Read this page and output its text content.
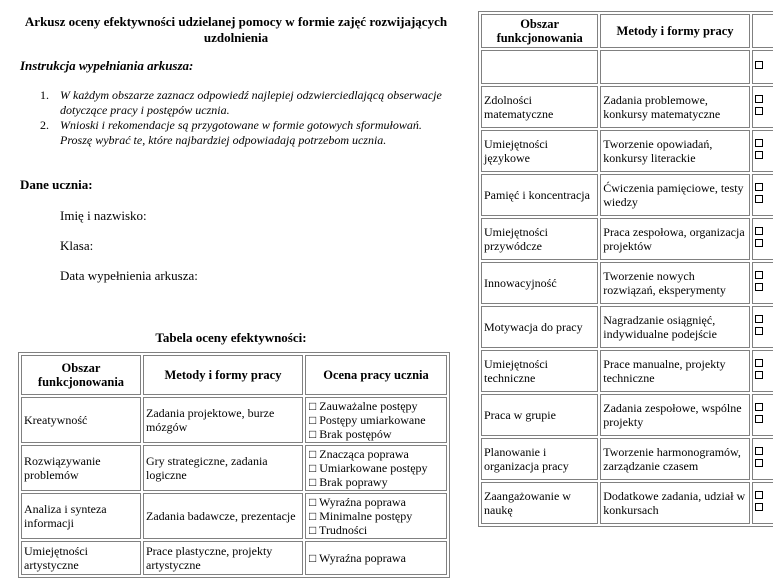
Arkusz oceny efektywności udzielanej pomocy w formie zajęć rozwijających uzdolnienia
Instrukcja wypełniania arkusza:
1. W każdym obszarze zaznacz odpowiedź najlepiej odzwierciedlającą obserwacje dotyczące pracy i postępów ucznia.
2. Wnioski i rekomendacje są przygotowane w formie gotowych sformułowań. Proszę wybrać te, które najbardziej odpowiadają potrzebom ucznia.
Dane ucznia:
Imię i nazwisko:
Klasa:
Data wypełnienia arkusza:
Tabela oceny efektywności:
Obszar funkcjonowania	Metody i formy pracy	Ocena pracy ucznia
Kreatywność	Zadania projektowe, burze mózgów	□ Zauważalne postępy
□ Postępy umiarkowane
□ Brak postępów

Rozwiązywanie problemów	Gry strategiczne, zadania logiczne	□ Znacząca poprawa
□ Umiarkowane postępy
□ Brak poprawy

Analiza i synteza informacji	Zadania badawcze, prezentacje	□ Wyraźna poprawa
□ Minimalne postępy
□ Trudności

Umiejętności artystyczne	Prace plastyczne, projekty artystyczne	□ Wyraźna poprawa
Obszar funkcjonowania	Metody i formy pracy	

Zdolności matematyczne	Zadania problemowe, konkursy matematyczne	

Umiejętności językowe	Tworzenie opowiadań, konkursy literackie	

Pamięć i koncentracja	Ćwiczenia pamięciowe, testy wiedzy	

Umiejętności przywódcze	Praca zespołowa, organizacja projektów	

Innowacyjność	Tworzenie nowych rozwiązań, eksperymenty	

Motywacja do pracy	Nagradzanie osiągnięć, indywidualne podejście	

Umiejętności techniczne	Prace manualne, projekty techniczne	

Praca w grupie	Zadania zespołowe, wspólne projekty	

Planowanie i organizacja pracy	Tworzenie harmonogramów, zarządzanie czasem	

Zaangażowanie w naukę	Dodatkowe zadania, udział w konkursach	
